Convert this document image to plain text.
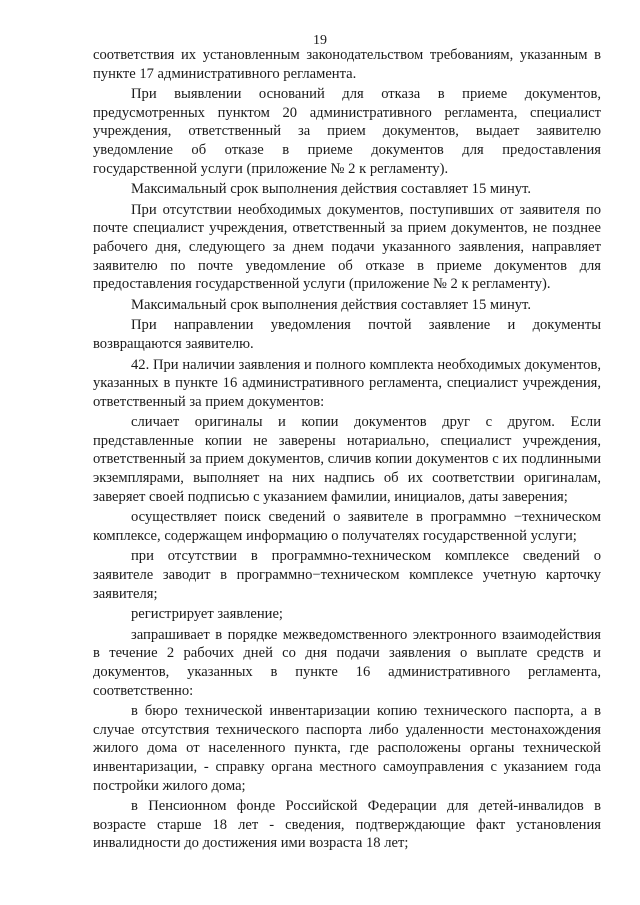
19

соответствия их установленным законодательством требованиям, указанным в пункте 17 административного регламента.

При выявлении оснований для отказа в приеме документов, предусмотренных пунктом 20 административного регламента, специалист учреждения, ответственный за прием документов, выдает заявителю уведомление об отказе в приеме документов для предоставления государственной услуги (приложение № 2 к регламенту).

Максимальный срок выполнения действия составляет 15 минут.

При отсутствии необходимых документов, поступивших от заявителя по почте специалист учреждения, ответственный за прием документов, не позднее рабочего дня, следующего за днем подачи указанного заявления, направляет заявителю по почте уведомление об отказе в приеме документов для предоставления государственной услуги (приложение № 2 к регламенту).

Максимальный срок выполнения действия составляет 15 минут.

При направлении уведомления почтой заявление и документы возвращаются заявителю.

42. При наличии заявления и полного комплекта необходимых документов, указанных в пункте 16 административного регламента, специалист учреждения, ответственный за прием документов:

сличает оригиналы и копии документов друг с другом. Если представленные копии не заверены нотариально, специалист учреждения, ответственный за прием документов, сличив копии документов с их подлинными экземплярами, выполняет на них надпись об их соответствии оригиналам, заверяет своей подписью с указанием фамилии, инициалов, даты заверения;

осуществляет поиск сведений о заявителе в программно −техническом комплексе, содержащем информацию о получателях государственной услуги;

при отсутствии в программно-техническом комплексе сведений о заявителе заводит в программно−техническом комплексе учетную карточку заявителя;

регистрирует заявление;

запрашивает в порядке межведомственного электронного взаимодействия в течение 2 рабочих дней со дня подачи заявления о выплате средств и документов, указанных в пункте 16 административного регламента, соответственно:

в бюро технической инвентаризации копию технического паспорта, а в случае отсутствия технического паспорта либо удаленности местонахождения жилого дома от населенного пункта, где расположены органы технической инвентаризации, - справку органа местного самоуправления с указанием года постройки жилого дома;

в Пенсионном фонде Российской Федерации для детей-инвалидов в возрасте старше 18 лет - сведения, подтверждающие факт установления инвалидности до достижения ими возраста 18 лет;
